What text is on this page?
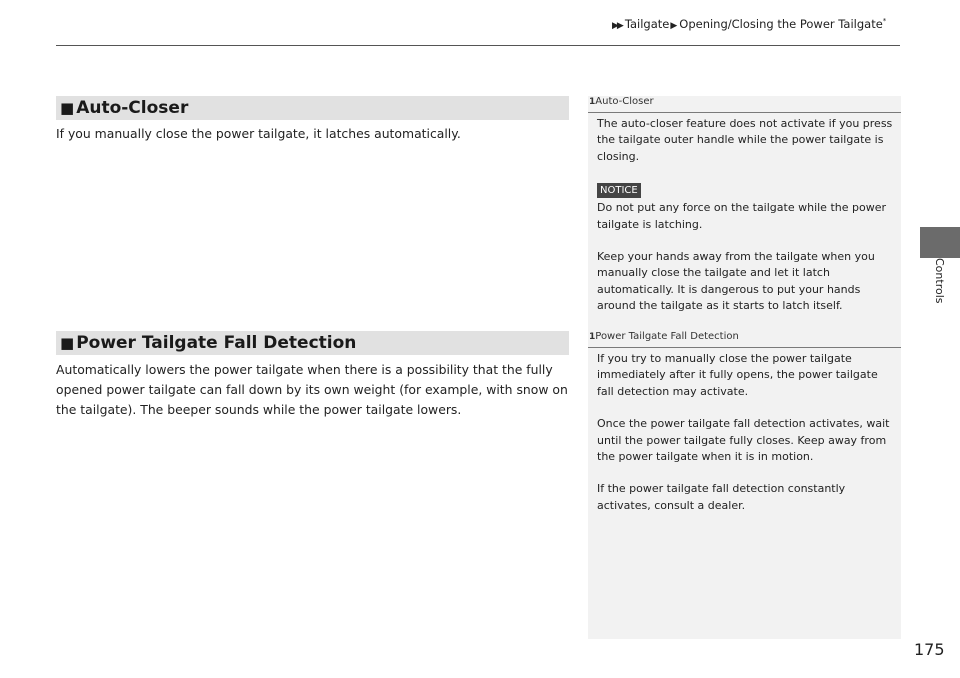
▶▶ Tailgate▶ Opening/Closing the Power Tailgate*
■ Auto-Closer
If you manually close the power tailgate, it latches automatically.
1Auto-Closer
The auto-closer feature does not activate if you press the tailgate outer handle while the power tailgate is closing.
NOTICE
Do not put any force on the tailgate while the power tailgate is latching.
Keep your hands away from the tailgate when you manually close the tailgate and let it latch automatically. It is dangerous to put your hands around the tailgate as it starts to latch itself.
■ Power Tailgate Fall Detection
Automatically lowers the power tailgate when there is a possibility that the fully opened power tailgate can fall down by its own weight (for example, with snow on the tailgate). The beeper sounds while the power tailgate lowers.
1Power Tailgate Fall Detection
If you try to manually close the power tailgate immediately after it fully opens, the power tailgate fall detection may activate.
Once the power tailgate fall detection activates, wait until the power tailgate fully closes. Keep away from the power tailgate when it is in motion.
If the power tailgate fall detection constantly activates, consult a dealer.
Controls
175
